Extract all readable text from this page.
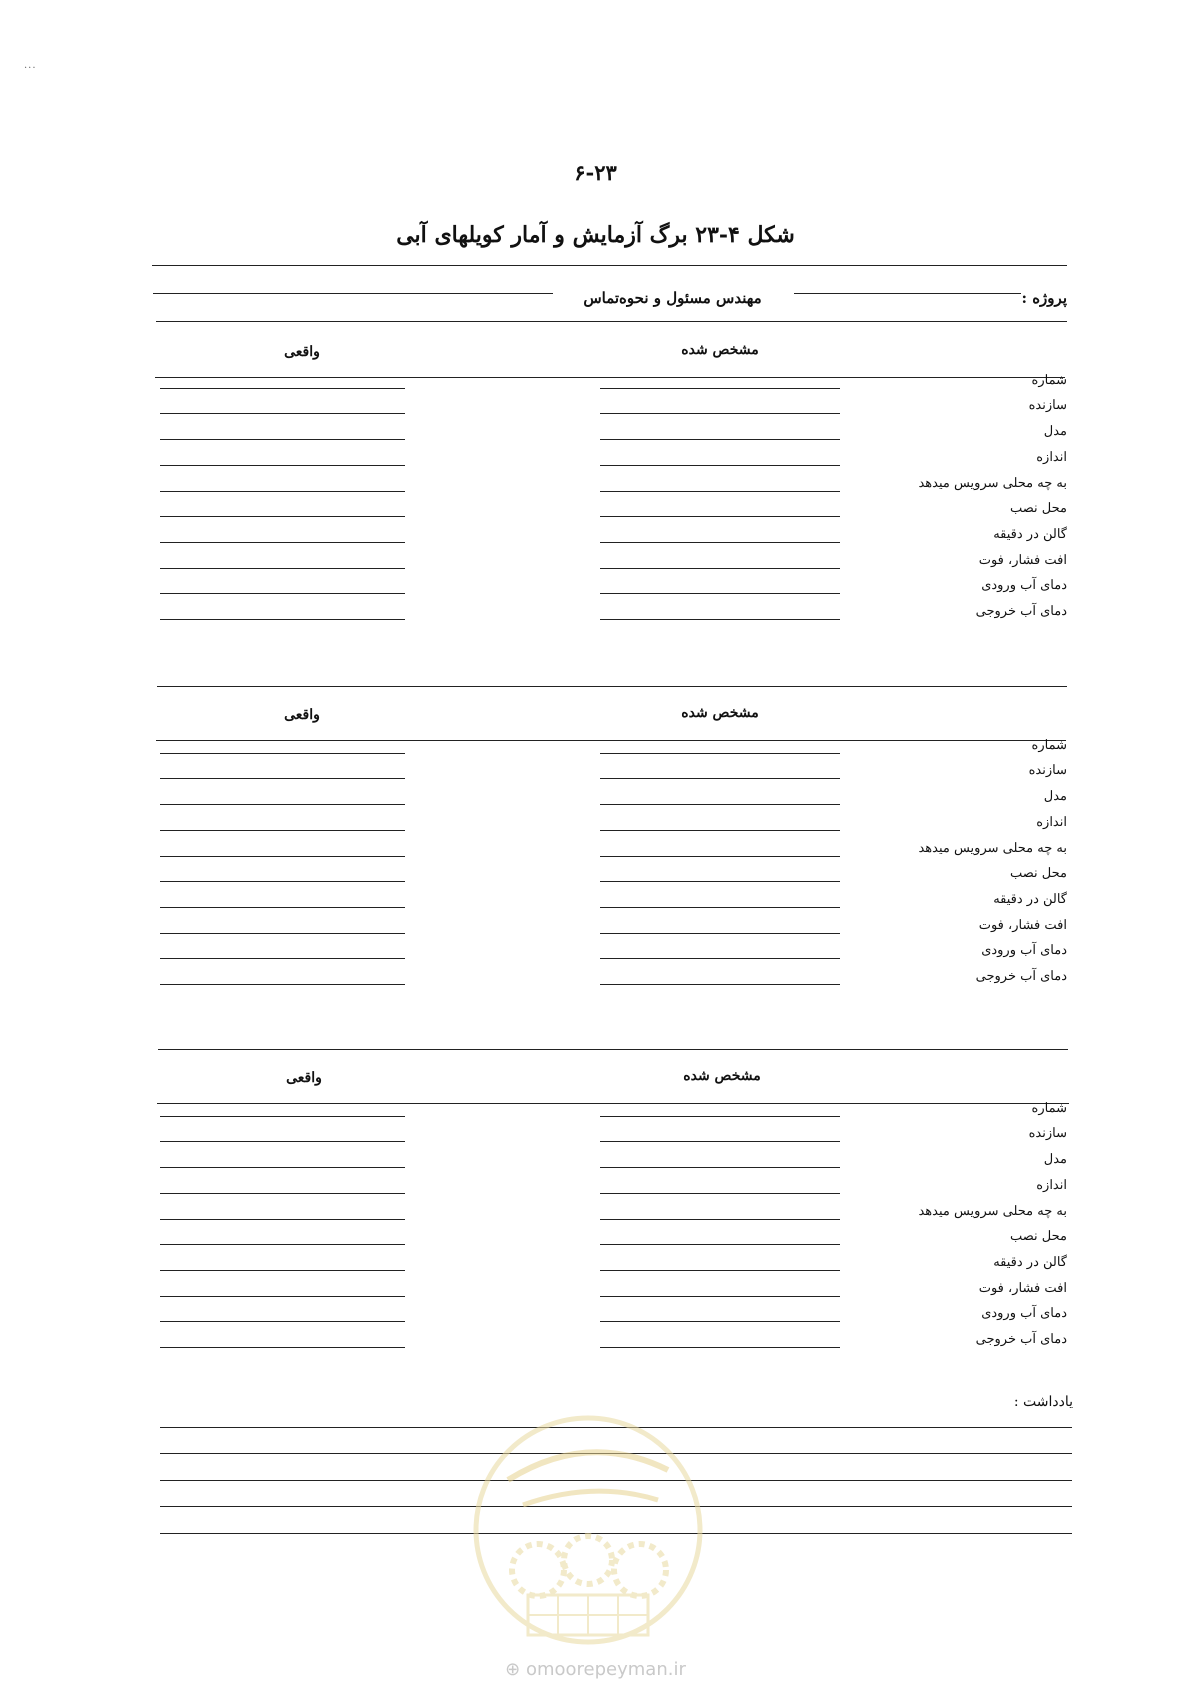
...
۶-۲۳
شکل ۴-۲۳ برگ آزمایش و آمار کویلهای آبی
پروژه :
مهندس مسئول و نحوه‌تماس
مشخص شده
واقعی
شماره
سازنده
مدل
اندازه
به چه محلی سرویس میدهد
محل نصب
گالن در دقیقه
افت فشار، فوت
دمای آب ورودی
دمای آب خروجی
مشخص شده
واقعی
شماره
سازنده
مدل
اندازه
به چه محلی سرویس میدهد
محل نصب
گالن در دقیقه
افت فشار، فوت
دمای آب ورودی
دمای آب خروجی
مشخص شده
واقعی
شماره
سازنده
مدل
اندازه
به چه محلی سرویس میدهد
محل نصب
گالن در دقیقه
افت فشار، فوت
دمای آب ورودی
دمای آب خروجی
یادداشت :
⊕ omoorepeyman.ir
